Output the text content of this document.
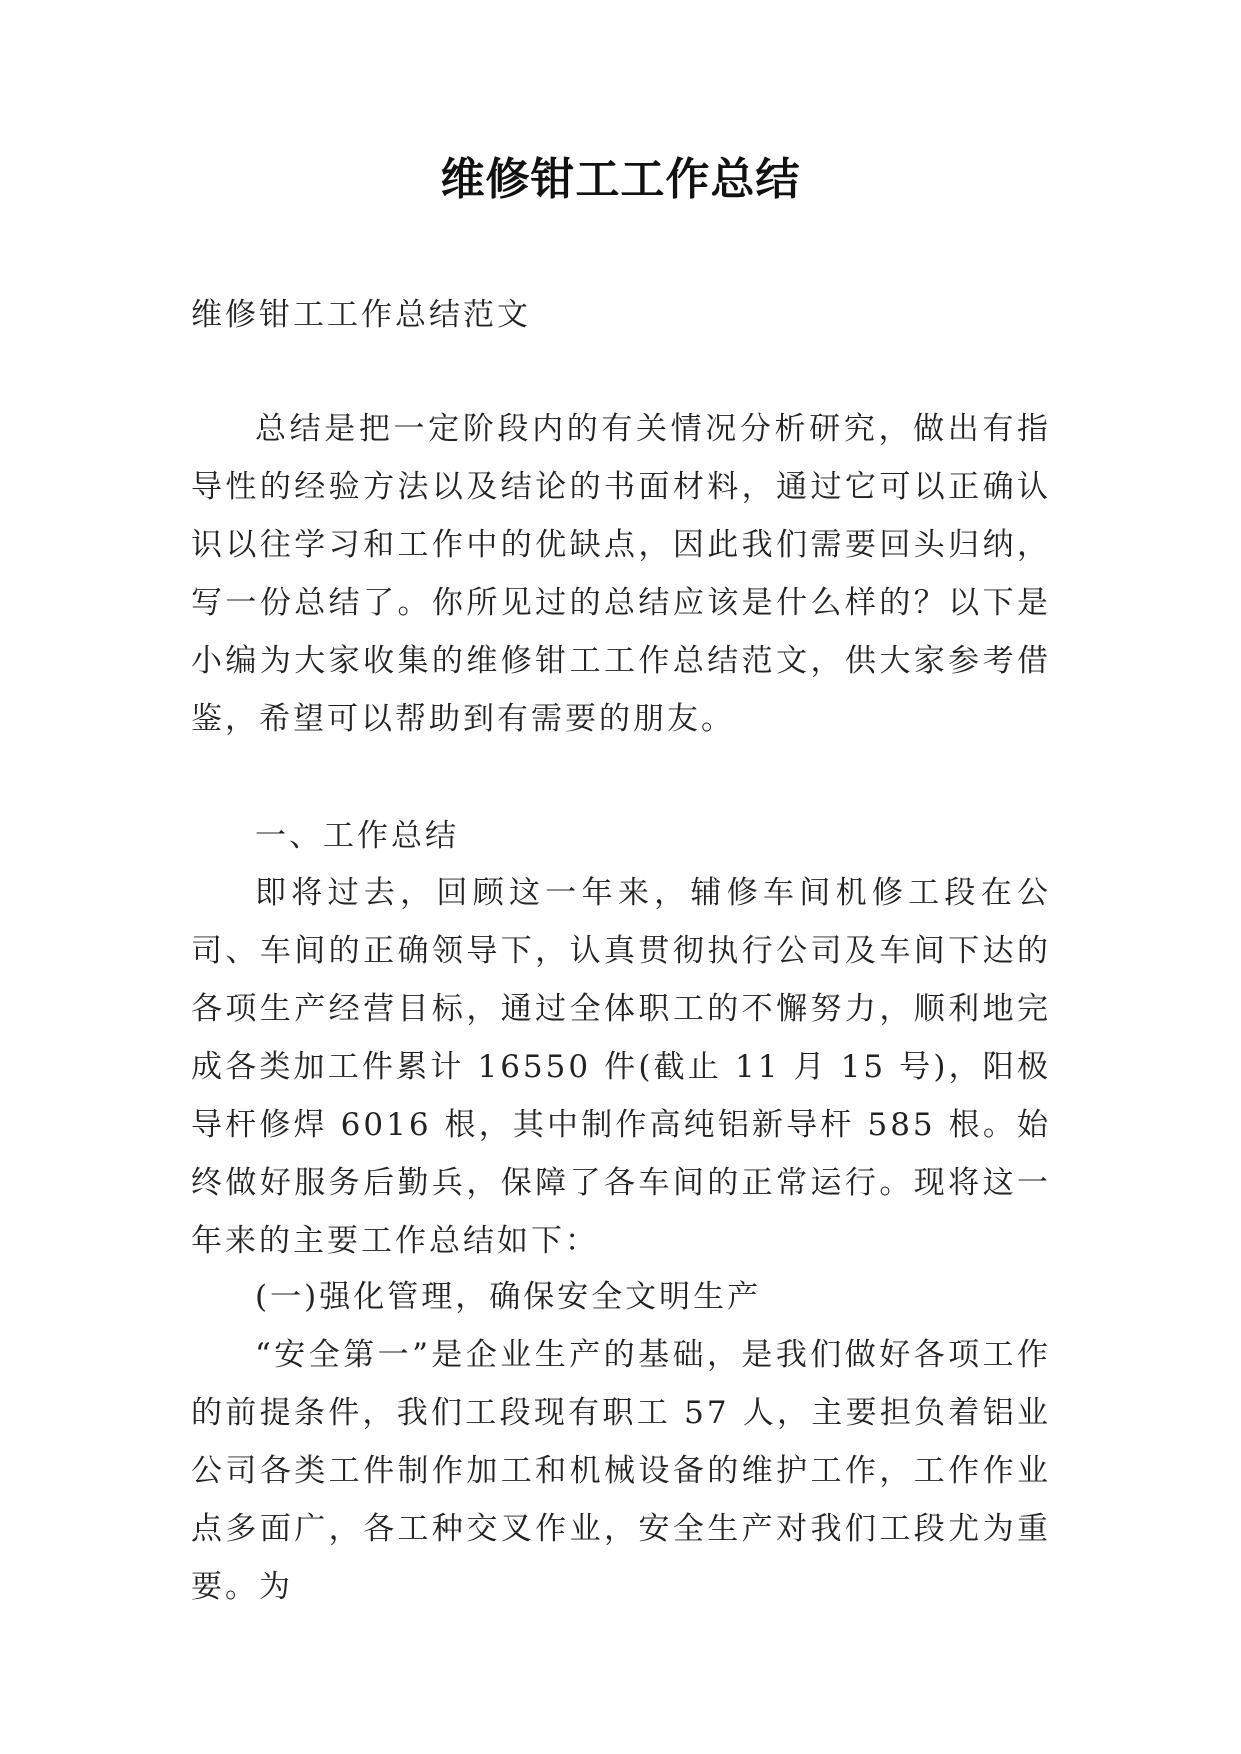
维修钳工工作总结

维修钳工工作总结范文

总结是把一定阶段内的有关情况分析研究，做出有指导性的经验方法以及结论的书面材料，通过它可以正确认识以往学习和工作中的优缺点，因此我们需要回头归纳，写一份总结了。你所见过的总结应该是什么样的？以下是小编为大家收集的维修钳工工作总结范文，供大家参考借鉴，希望可以帮助到有需要的朋友。

一、工作总结

即将过去，回顾这一年来，辅修车间机修工段在公司、车间的正确领导下，认真贯彻执行公司及车间下达的各项生产经营目标，通过全体职工的不懈努力，顺利地完成各类加工件累计 16550 件(截止 11 月 15 号)，阳极导杆修焊 6016 根，其中制作高纯铝新导杆 585 根。始终做好服务后勤兵，保障了各车间的正常运行。现将这一年来的主要工作总结如下：

(一)强化管理，确保安全文明生产

“安全第一”是企业生产的基础，是我们做好各项工作的前提条件，我们工段现有职工 57 人，主要担负着铝业公司各类工件制作加工和机械设备的维护工作，工作作业点多面广，各工种交叉作业，安全生产对我们工段尤为重要。为
